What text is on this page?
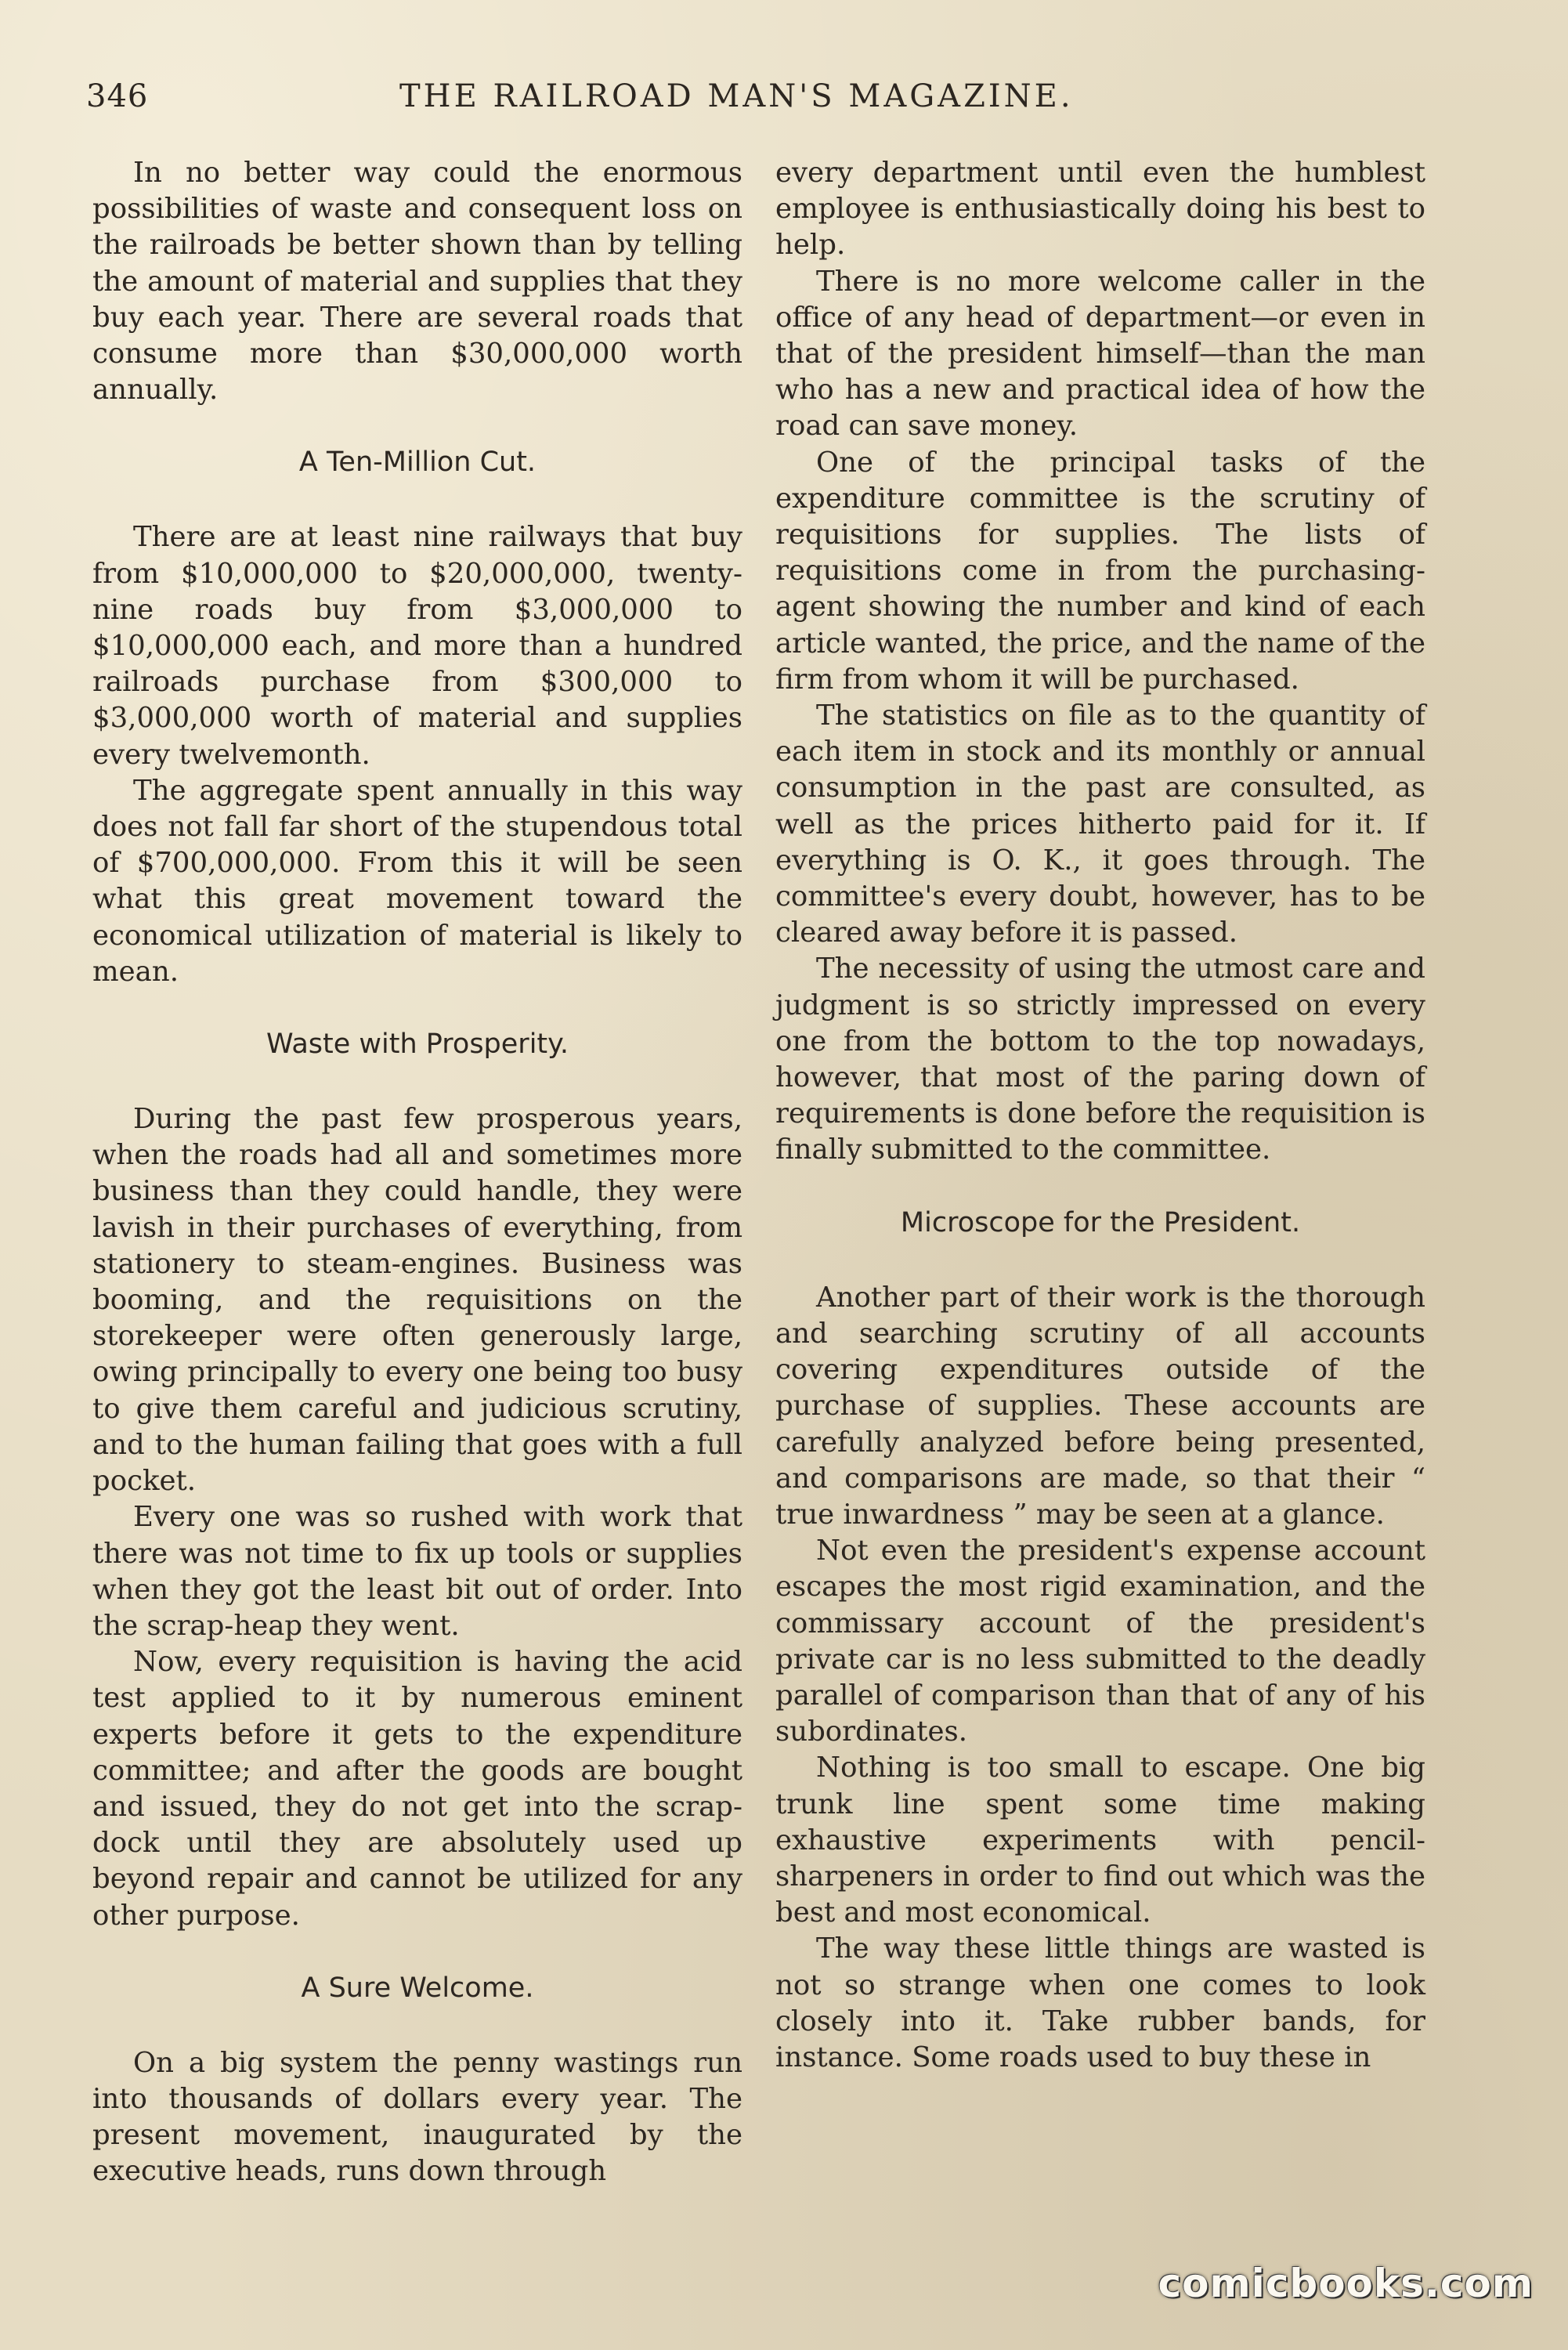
346	THE RAILROAD MAN'S MAGAZINE.

In no better way could the enormous possibilities of waste and consequent loss on the railroads be better shown than by telling the amount of material and supplies that they buy each year. There are several roads that consume more than $30,000,000 worth annually.

A Ten-Million Cut.

There are at least nine railways that buy from $10,000,000 to $20,000,000, twenty-nine roads buy from $3,000,000 to $10,000,000 each, and more than a hundred railroads purchase from $300,000 to $3,000,000 worth of material and supplies every twelvemonth.

The aggregate spent annually in this way does not fall far short of the stupendous total of $700,000,000. From this it will be seen what this great movement toward the economical utilization of material is likely to mean.

Waste with Prosperity.

During the past few prosperous years, when the roads had all and sometimes more business than they could handle, they were lavish in their purchases of everything, from stationery to steam-engines. Business was booming, and the requisitions on the storekeeper were often generously large, owing principally to every one being too busy to give them careful and judicious scrutiny, and to the human failing that goes with a full pocket.

Every one was so rushed with work that there was not time to fix up tools or supplies when they got the least bit out of order. Into the scrap-heap they went.

Now, every requisition is having the acid test applied to it by numerous eminent experts before it gets to the expenditure committee; and after the goods are bought and issued, they do not get into the scrap-dock until they are absolutely used up beyond repair and cannot be utilized for any other purpose.

A Sure Welcome.

On a big system the penny wastings run into thousands of dollars every year. The present movement, inaugurated by the executive heads, runs down through

every department until even the humblest employee is enthusiastically doing his best to help.

There is no more welcome caller in the office of any head of department—or even in that of the president himself—than the man who has a new and practical idea of how the road can save money.

One of the principal tasks of the expenditure committee is the scrutiny of requisitions for supplies. The lists of requisitions come in from the purchasing-agent showing the number and kind of each article wanted, the price, and the name of the firm from whom it will be purchased.

The statistics on file as to the quantity of each item in stock and its monthly or annual consumption in the past are consulted, as well as the prices hitherto paid for it. If everything is O. K., it goes through. The committee's every doubt, however, has to be cleared away before it is passed.

The necessity of using the utmost care and judgment is so strictly impressed on every one from the bottom to the top nowadays, however, that most of the paring down of requirements is done before the requisition is finally submitted to the committee.

Microscope for the President.

Another part of their work is the thorough and searching scrutiny of all accounts covering expenditures outside of the purchase of supplies. These accounts are carefully analyzed before being presented, and comparisons are made, so that their “ true inwardness ” may be seen at a glance.

Not even the president's expense account escapes the most rigid examination, and the commissary account of the president's private car is no less submitted to the deadly parallel of comparison than that of any of his subordinates.

Nothing is too small to escape. One big trunk line spent some time making exhaustive experiments with pencil-sharpeners in order to find out which was the best and most economical.

The way these little things are wasted is not so strange when one comes to look closely into it. Take rubber bands, for instance. Some roads used to buy these in

comicbooks.com
